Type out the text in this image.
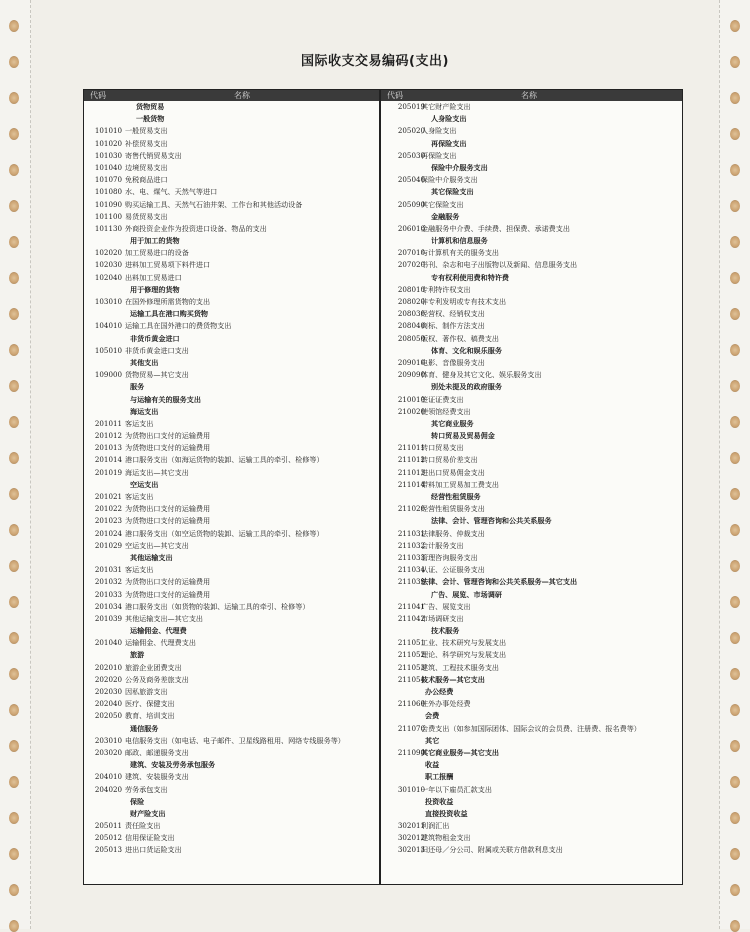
国际收支交易编码(支出)
代码	名称
货物贸易
一般货物
101010 一般贸易支出
101020 补偿贸易支出
101030 寄售代销贸易支出
101040 边境贸易支出
101070 免税商品进口
101080 水、电、煤气、天然气等进口
101090 购买运输工具、天然气石油井架、工作台和其他活动设备
101100 易货贸易支出
101130 外商投资企业作为投资进口设备、物品的支出
用于加工的货物
102020 加工贸易进口的设备
102030 进料加工贸易项下料件进口
102040 出料加工贸易进口
用于修理的货物
103010 在国外修理所需货物的支出
运输工具在港口购买货物
104010 运输工具在国外港口的费货物支出
非货币黄金进口
105010 非货币黄金进口支出
其他支出
109000 货物贸易—其它支出
服务
与运输有关的服务支出
海运支出
201011 客运支出
201012 为货物出口支付的运输费用
201013 为货物进口支付的运输费用
201014 港口服务支出（如海运货物的装卸、运输工具的牵引、检修等）
201019 海运支出—其它支出
空运支出
201021 客运支出
201022 为货物出口支付的运输费用
201023 为货物进口支付的运输费用
201024 港口服务支出（如空运货物的装卸、运输工具的牵引、检修等）
201029 空运支出—其它支出
其他运输支出
201031 客运支出
201032 为货物出口支付的运输费用
201033 为货物进口支付的运输费用
201034 港口服务支出（如货物的装卸、运输工具的牵引、检修等）
201039 其他运输支出—其它支出
运输佣金、代理费
201040 运输佣金、代理费支出
旅游
202010 旅游企业团费支出
202020 公务及商务差旅支出
202030 因私旅游支出
202040 医疗、保健支出
202050 教育、培训支出
通信服务
203010 电信服务支出（如电话、电子邮件、卫星线路租用、网络专线服务等）
203020 邮政、邮递服务支出
建筑、安装及劳务承包服务
204010 建筑、安装服务支出
204020 劳务承包支出
保险
财产险支出
205011 责任险支出
205012 信用保证险支出
205013 进出口货运险支出
代码	名称
205019
其它财产险支出
人身险支出
205020
人身险支出
再保险支出
205030
再保险支出
保险中介服务支出
205040
保险中介服务支出
其它保险支出
205090
其它保险支出
金融服务
206010
金融服务中介费、手续费、担保费、承诺费支出
计算机和信息服务
207010
与计算机有关的服务支出
207020
书刊、杂志和电子出版物以及新闻、信息服务支出
专有权利使用费和特许费
208010
专利特许权支出
208020
非专利发明或专有技术支出
208030
经营权、经销权支出
208040
商标、制作方法支出
208050
版权、著作权、稿费支出
体育、文化和娱乐服务
209010
电影、音像服务支出
209090
体育、健身及其它文化、娱乐服务支出
别处未提及的政府服务
210010
签证证费支出
210020
使领馆经费支出
其它商业服务
转口贸易及贸易佣金
211011
转口贸易支出
211012
转口贸易价差支出
211013
进出口贸易佣金支出
211014
带料加工贸易加工费支出
经营性租赁服务
211020
经营性租赁服务支出
法律、会计、管理咨询和公共关系服务
211031
法律服务、仲裁支出
211032
会计服务支出
211033
管理咨询服务支出
211034
认证、公证服务支出
211039
法律、会计、管理咨询和公共关系服务—其它支出
广告、展览、市场调研
211041
广告、展览支出
211042
市场调研支出
技术服务
211051
工业、技术研究与发展支出
211052
理论、科学研究与发展支出
211053
建筑、工程技术服务支出
211054
技术服务—其它支出
办公经费
211060
驻外办事处经费
会费
211070
会费支出（如参加国际团体、国际会议的会员费、注册费、报名费等）
其它
211090
其它商业服务—其它支出
收益
职工报酬
301010
一年以下雇员汇款支出
投资收益
直接投资收益
302011
利润汇出
302012
建筑物租金支出
302013
归还母／分公司、附属或关联方借款利息支出
